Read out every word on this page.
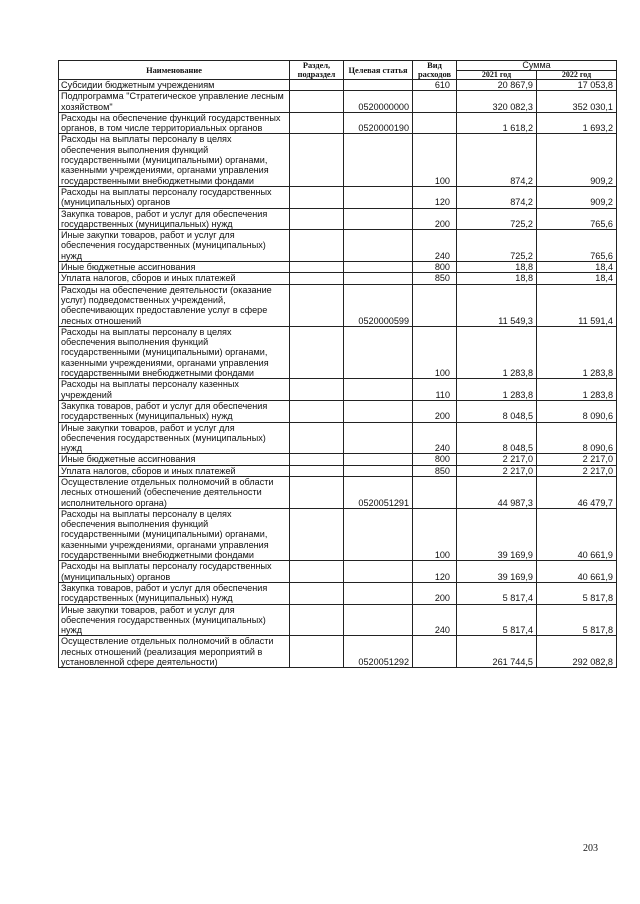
Наименование	Раздел, подраздел	Целевая статья	Вид расходов	Сумма	
				2021 год	2022 год
Субсидии бюджетным учреждениям			610	20 867,9	17 053,8
Подпрограмма "Стратегическое управление лесным хозяйством"		0520000000		320 082,3	352 030,1
Расходы на обеспечение функций государственных органов, в том числе территориальных органов		0520000190		1 618,2	1 693,2
Расходы на выплаты персоналу в целях обеспечения выполнения функций государственными (муниципальными) органами, казенными учреждениями, органами управления государственными внебюджетными фондами			100	874,2	909,2
Расходы на выплаты персоналу государственных (муниципальных) органов			120	874,2	909,2
Закупка товаров, работ и услуг для обеспечения государственных (муниципальных) нужд			200	725,2	765,6
Иные закупки товаров, работ и услуг для обеспечения государственных (муниципальных) нужд			240	725,2	765,6
Иные бюджетные ассигнования			800	18,8	18,4
Уплата налогов, сборов и иных платежей			850	18,8	18,4
Расходы на обеспечение деятельности (оказание услуг) подведомственных учреждений, обеспечивающих предоставление услуг в сфере лесных отношений		0520000599		11 549,3	11 591,4
Расходы на выплаты персоналу в целях обеспечения выполнения функций государственными (муниципальными) органами, казенными учреждениями, органами управления государственными внебюджетными фондами			100	1 283,8	1 283,8
Расходы на выплаты персоналу казенных учреждений			110	1 283,8	1 283,8
Закупка товаров, работ и услуг для обеспечения государственных (муниципальных) нужд			200	8 048,5	8 090,6
Иные закупки товаров, работ и услуг для обеспечения государственных (муниципальных) нужд			240	8 048,5	8 090,6
Иные бюджетные ассигнования			800	2 217,0	2 217,0
Уплата налогов, сборов и иных платежей			850	2 217,0	2 217,0
Осуществление отдельных полномочий в области лесных отношений (обеспечение деятельности исполнительного органа)		0520051291		44 987,3	46 479,7
Расходы на выплаты персоналу в целях обеспечения выполнения функций государственными (муниципальными) органами, казенными учреждениями, органами управления государственными внебюджетными фондами			100	39 169,9	40 661,9
Расходы на выплаты персоналу государственных (муниципальных) органов			120	39 169,9	40 661,9
Закупка товаров, работ и услуг для обеспечения государственных (муниципальных) нужд			200	5 817,4	5 817,8
Иные закупки товаров, работ и услуг для обеспечения государственных (муниципальных) нужд			240	5 817,4	5 817,8
Осуществление отдельных полномочий в области лесных отношений (реализация мероприятий в установленной сфере деятельности)		0520051292		261 744,5	292 082,8
203
